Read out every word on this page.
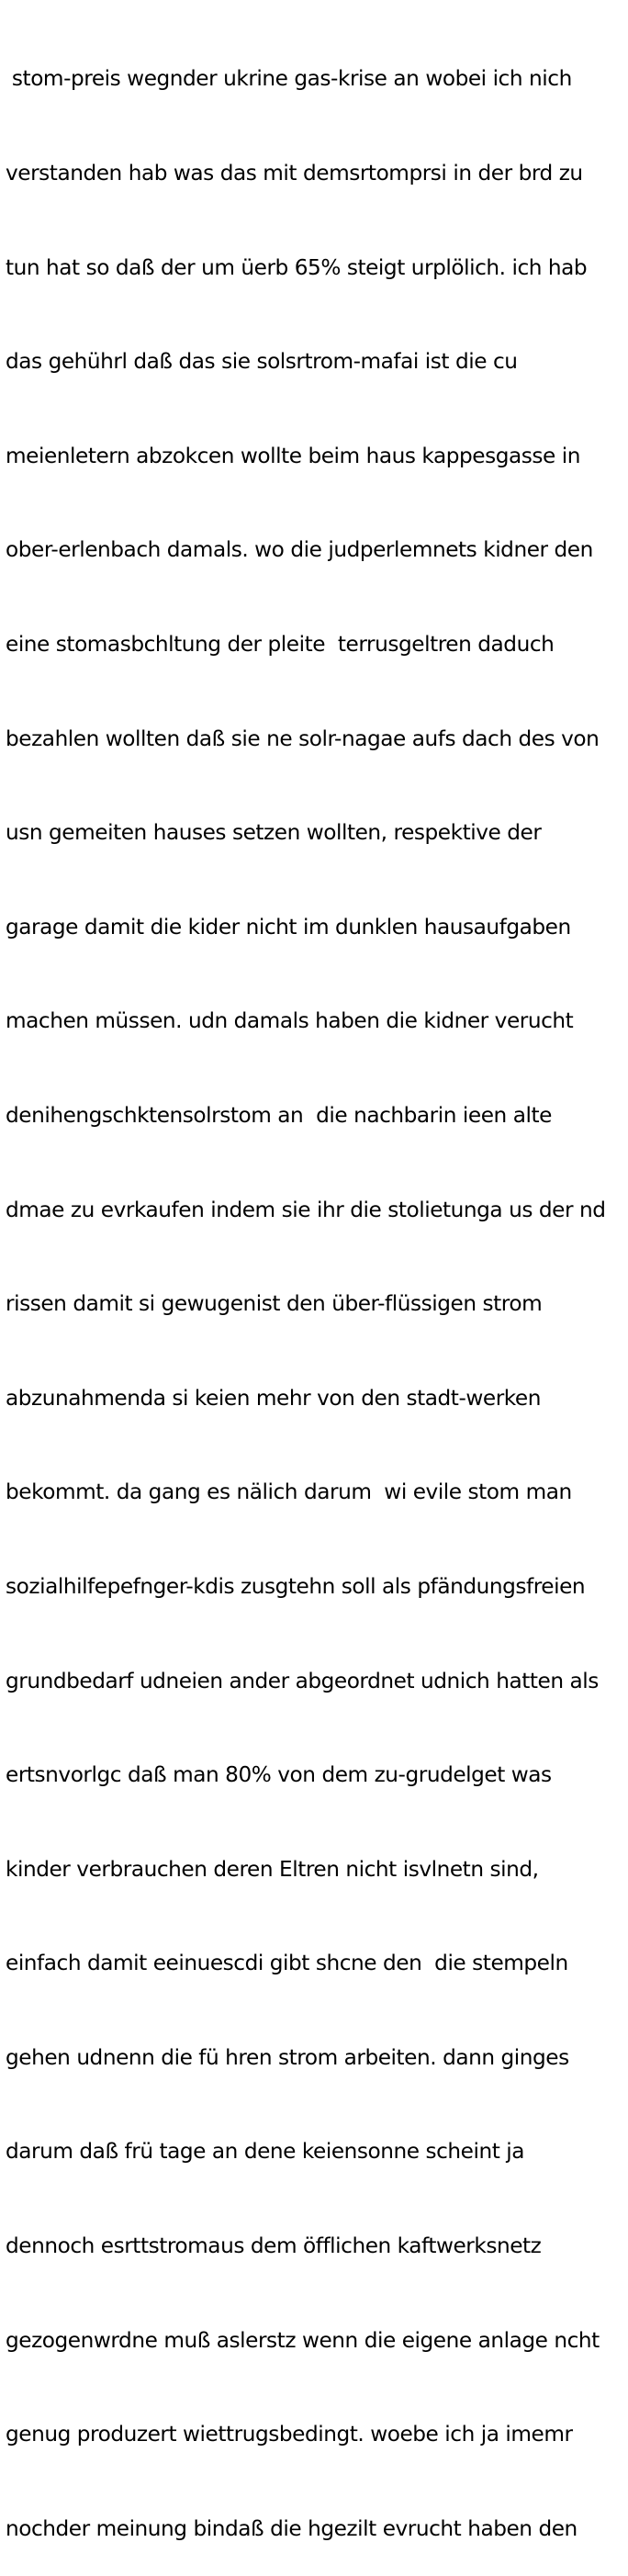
stom-preis wegnder ukrine gas-krise an wobei ich nich

verstanden hab was das mit demsrtomprsi in der brd zu

tun hat so daß der um üerb 65% steigt urplölich. ich hab

das gehührl daß das sie solsrtrom-mafai ist die cu

meienletern abzokcen wollte beim haus kappesgasse in

ober-erlenbach damals. wo die judperlemnets kidner den

eine stomasbchltung der pleite  terrusgeltren daduch

bezahlen wollten daß sie ne solr-nagae aufs dach des von

usn gemeiten hauses setzen wollten, respektive der

garage damit die kider nicht im dunklen hausaufgaben

machen müssen. udn damals haben die kidner verucht

denihengschktensolrstom an  die nachbarin ieen alte

dmae zu evrkaufen indem sie ihr die stolietunga us der nd

rissen damit si gewugenist den über-flüssigen strom

abzunahmenda si keien mehr von den stadt-werken

bekommt. da gang es nälich darum  wi evile stom man

sozialhilfepefnger-kdis zusgtehn soll als pfändungsfreien

grundbedarf udneien ander abgeordnet udnich hatten als

ertsnvorlgc daß man 80% von dem zu-grudelget was

kinder verbrauchen deren Eltren nicht isvlnetn sind,

einfach damit eeinuescdi gibt shcne den  die stempeln

gehen udnenn die fü hren strom arbeiten. dann ginges

darum daß frü tage an dene keiensonne scheint ja

dennoch esrttstromaus dem öfflichen kaftwerksnetz

gezogenwrdne muß aslerstz wenn die eigene anlage ncht

genug produzert wiettrugsbedingt. woebe ich ja imemr

nochder meinung bindaß die hgezilt evrucht haben den
